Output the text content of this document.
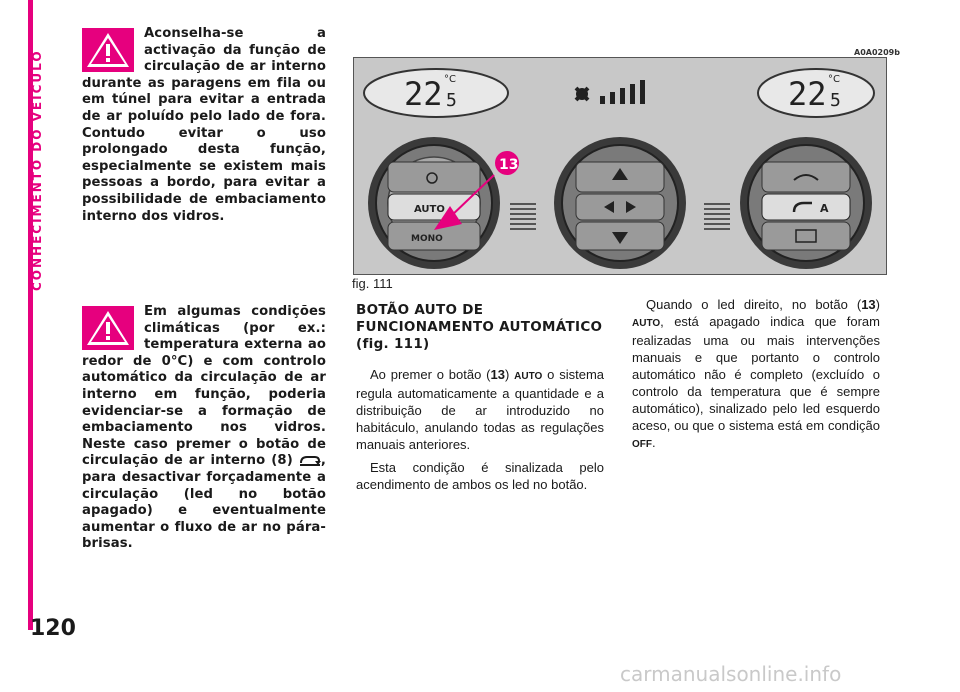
CONHECIMENTO DO VEÍCULO
120
Aconselha-se a activação da função de circulação de ar interno durante as paragens em fila ou em túnel para evitar a entrada de ar poluído pelo lado de fora. Contudo evitar o uso prolongado desta função, especialmente se existem mais pessoas a bordo, para evitar a possibilidade de embaciamento interno dos vidros.
Em algumas condições climáticas (por ex.: temperatura externa ao redor de 0°C) e com controlo automático da circulação de ar interno em função, poderia evidenciar-se a formação de embaciamento nos vidros. Neste caso premer o botão de circulação de ar interno (8) , para desactivar forçadamente a circulação (led no botão apagado) e eventualmente aumentar o fluxo de ar no pára-brisas.
A0A0209b
22 5
°C	22 5
°C
AUTO
MONO
13
A
fig. 111
BOTÃO AUTO DE FUNCIONAMENTO AUTOMÁTICO (fig. 111)

Ao premer o botão (13) AUTO o sistema regula automaticamente a quantidade e a distribuição de ar introduzido no habitáculo, anulando todas as regulações manuais anteriores.

Esta condição é sinalizada pelo acendimento de ambos os led no botão.

Quando o led direito, no botão (13) AUTO, está apagado indica que foram realizadas uma ou mais intervenções manuais e que portanto o controlo automático não é completo (excluído o controlo da temperatura que é sempre automático), sinalizado pelo led esquerdo aceso, ou que o sistema está em condição OFF.

carmanualsonline.info
